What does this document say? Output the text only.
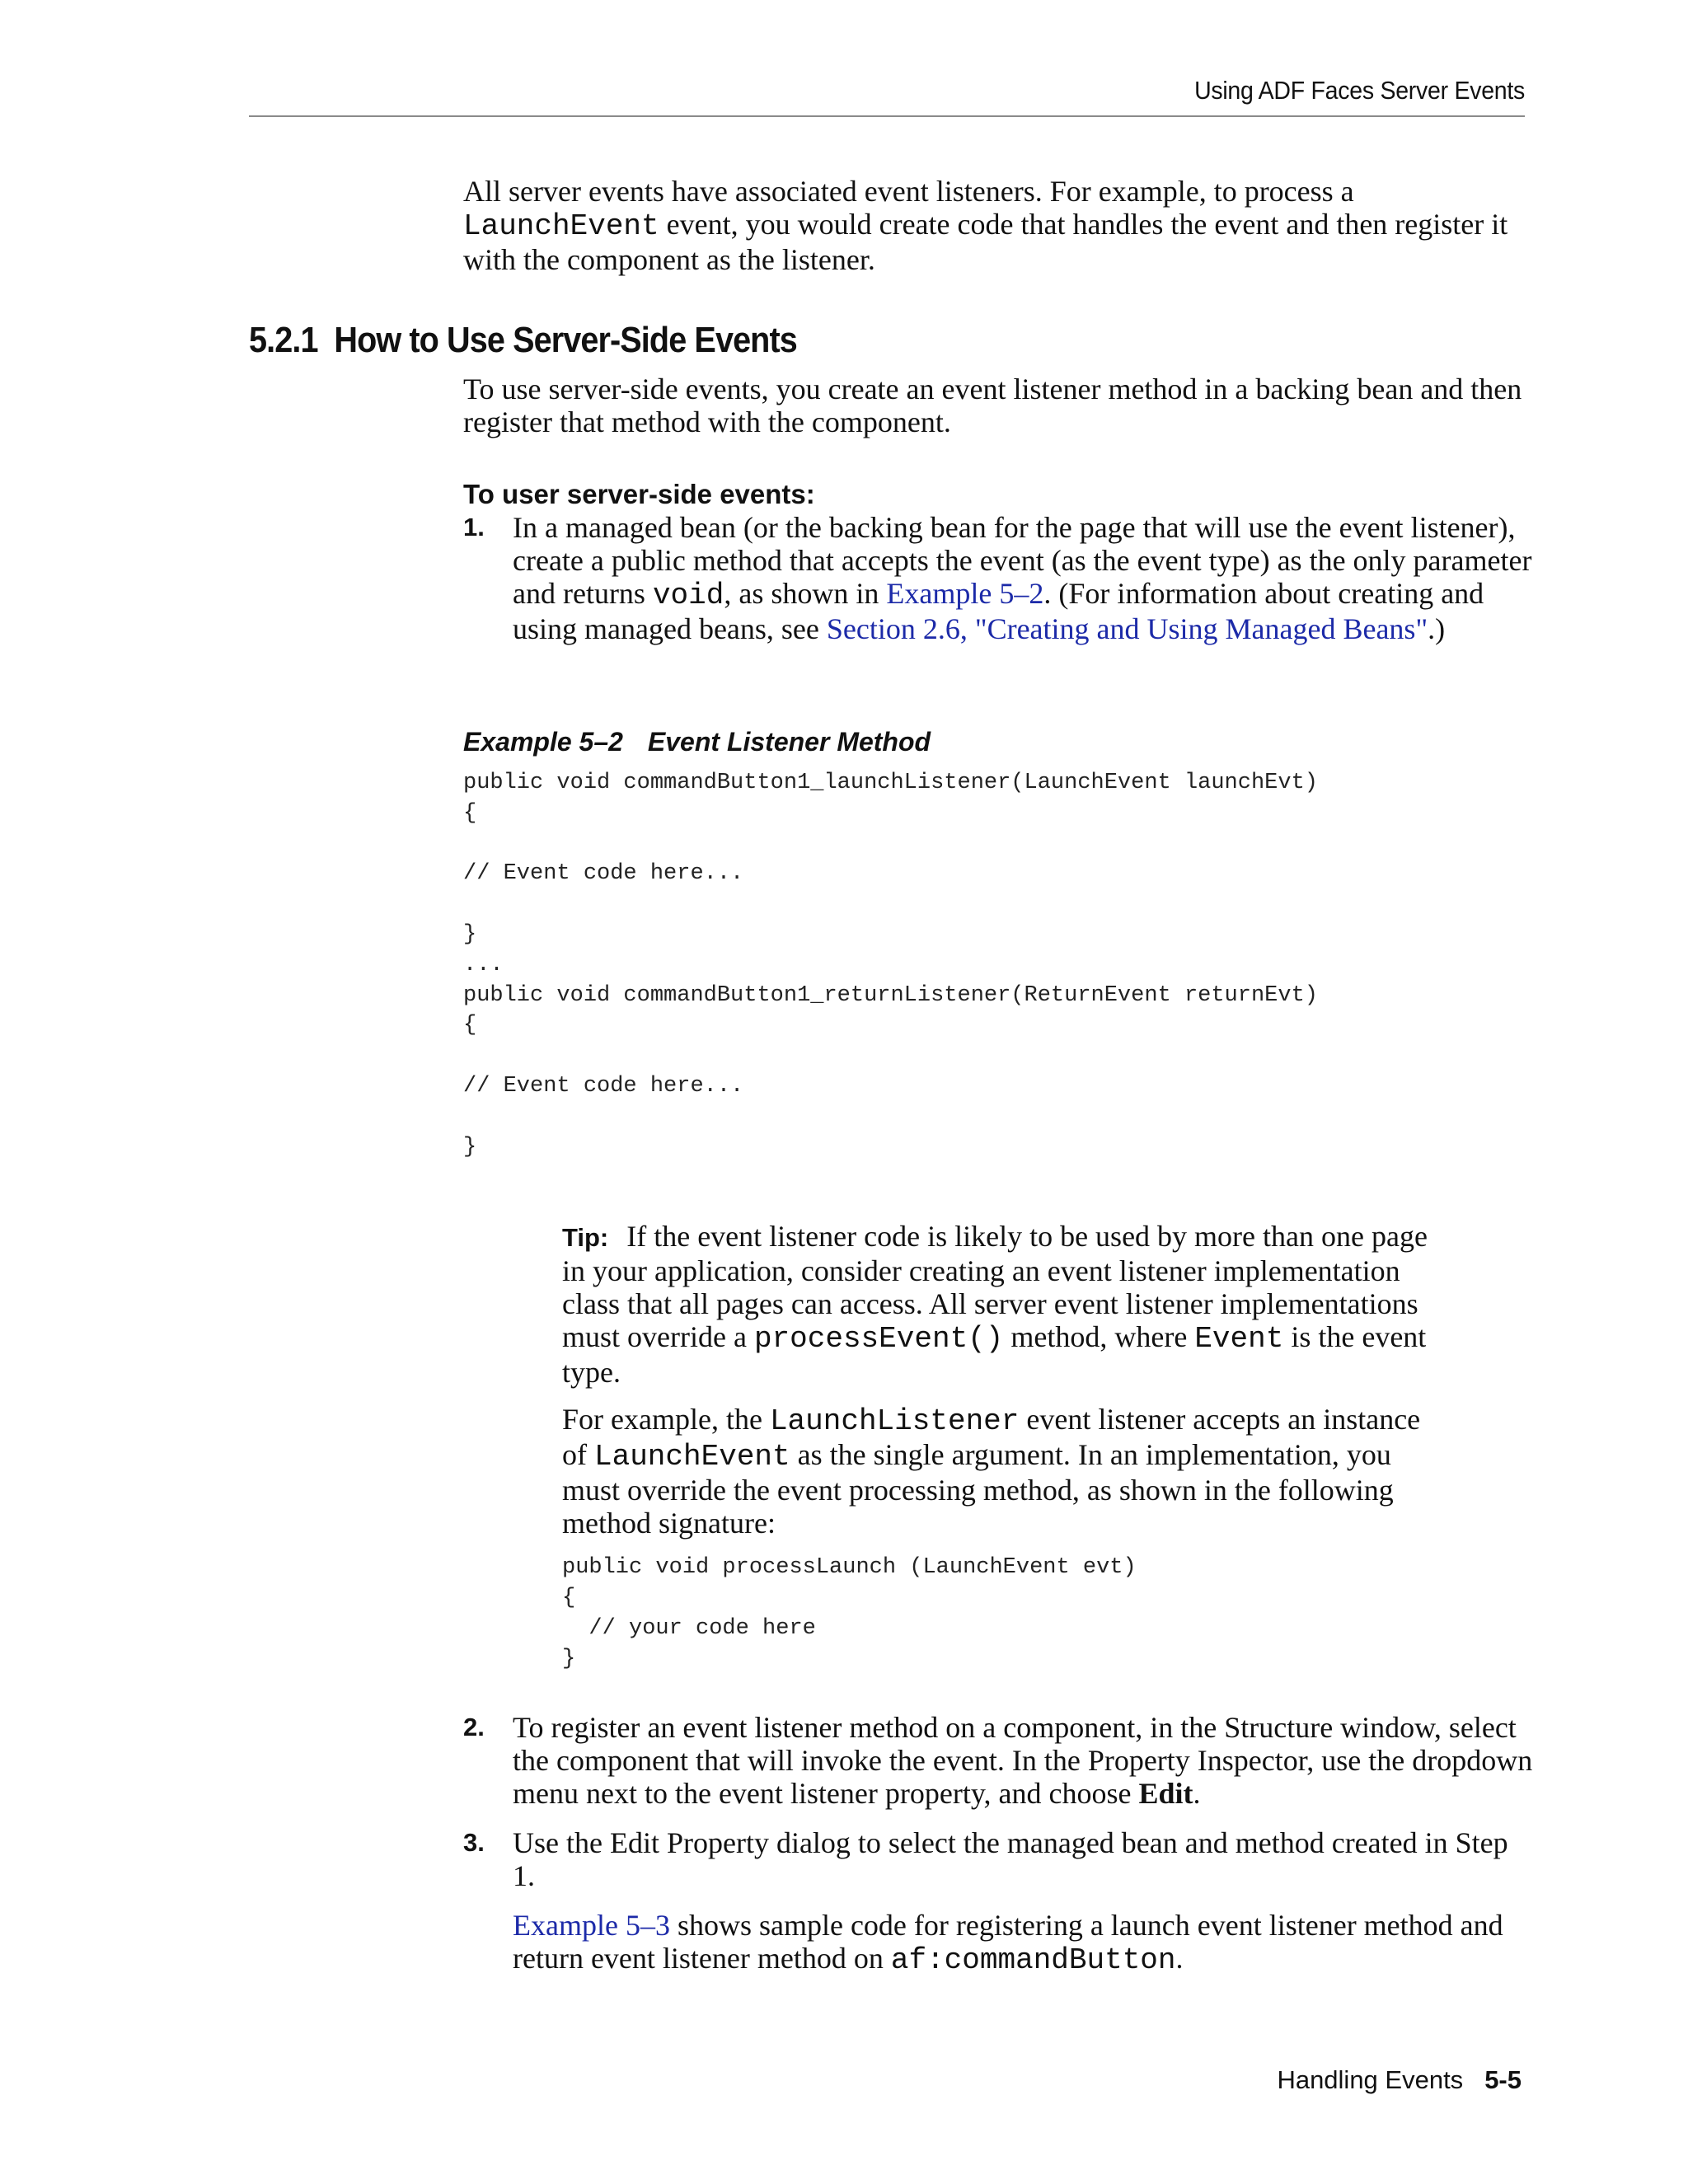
Using ADF Faces Server Events
All server events have associated event listeners. For example, to process a LaunchEvent event, you would create code that handles the event and then register it with the component as the listener.
5.2.1 How to Use Server-Side Events
To use server-side events, you create an event listener method in a backing bean and then register that method with the component.
To user server-side events:
1. In a managed bean (or the backing bean for the page that will use the event listener), create a public method that accepts the event (as the event type) as the only parameter and returns void, as shown in Example 5–2. (For information about creating and using managed beans, see Section 2.6, "Creating and Using Managed Beans".)
Example 5–2 Event Listener Method
public void commandButton1_launchListener(LaunchEvent launchEvt)
{

// Event code here...

}
...
public void commandButton1_returnListener(ReturnEvent returnEvt)
{

// Event code here...

}
Tip: If the event listener code is likely to be used by more than one page in your application, consider creating an event listener implementation class that all pages can access. All server event listener implementations must override a processEvent() method, where Event is the event type.
For example, the LaunchListener event listener accepts an instance of LaunchEvent as the single argument. In an implementation, you must override the event processing method, as shown in the following method signature:
public void processLaunch (LaunchEvent evt)
{
// your code here
}
2. To register an event listener method on a component, in the Structure window, select the component that will invoke the event. In the Property Inspector, use the dropdown menu next to the event listener property, and choose Edit.
3. Use the Edit Property dialog to select the managed bean and method created in Step 1.
Example 5–3 shows sample code for registering a launch event listener method and return event listener method on af:commandButton.
Handling Events 5-5
